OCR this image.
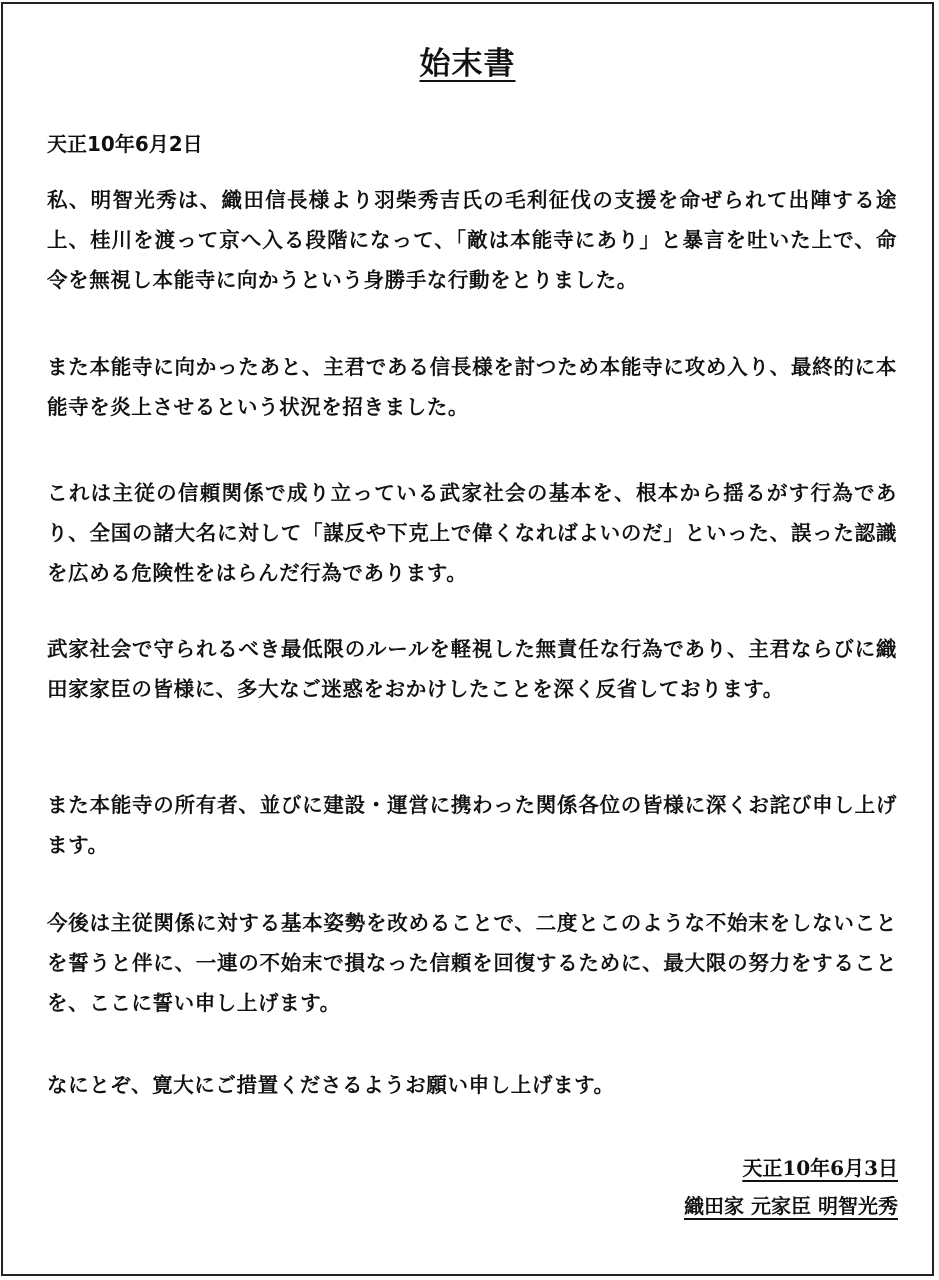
始末書
天正10年6月2日
私、明智光秀は、織田信長様より羽柴秀吉氏の毛利征伐の支援を命ぜられて出陣する途上、桂川を渡って京へ入る段階になって、「敵は本能寺にあり」と暴言を吐いた上で、命令を無視し本能寺に向かうという身勝手な行動をとりました。
また本能寺に向かったあと、主君である信長様を討つため本能寺に攻め入り、最終的に本能寺を炎上させるという状況を招きました。
これは主従の信頼関係で成り立っている武家社会の基本を、根本から揺るがす行為であり、全国の諸大名に対して「謀反や下克上で偉くなればよいのだ」といった、誤った認識を広める危険性をはらんだ行為であります。
武家社会で守られるべき最低限のルールを軽視した無責任な行為であり、主君ならびに織田家家臣の皆様に、多大なご迷惑をおかけしたことを深く反省しております。
また本能寺の所有者、並びに建設・運営に携わった関係各位の皆様に深くお詫び申し上げます。
今後は主従関係に対する基本姿勢を改めることで、二度とこのような不始末をしないことを誓うと伴に、一連の不始末で損なった信頼を回復するために、最大限の努力をすることを、ここに誓い申し上げます。
なにとぞ、寛大にご措置くださるようお願い申し上げます。
天正10年6月3日
織田家 元家臣 明智光秀
